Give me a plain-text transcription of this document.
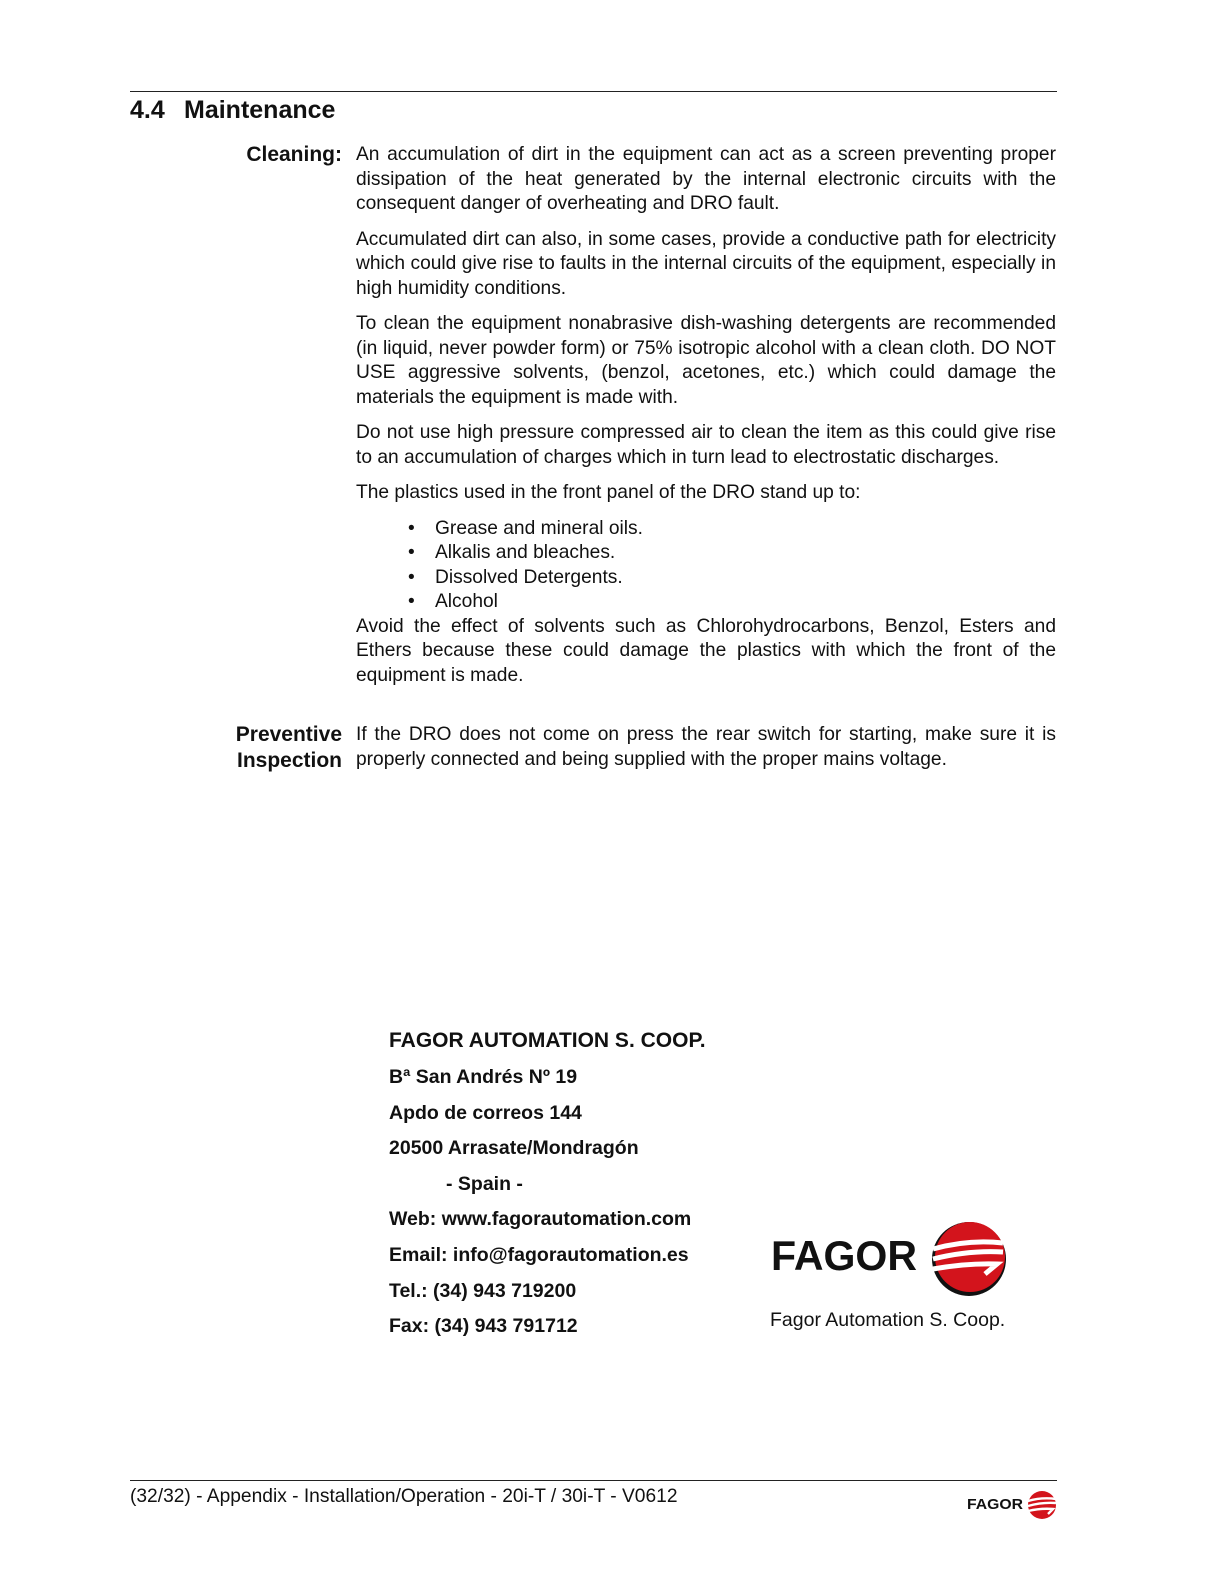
4.4 Maintenance
Cleaning: An accumulation of dirt in the equipment can act as a screen preventing proper dissipation of the heat generated by the internal electronic circuits with the consequent danger of overheating and DRO fault.

Accumulated dirt can also, in some cases, provide a conductive path for electricity which could give rise to faults in the internal circuits of the equipment, especially in high humidity conditions.

To clean the equipment nonabrasive dish-washing detergents are recommended (in liquid, never powder form) or 75% isotropic alcohol with a clean cloth. DO NOT USE aggressive solvents, (benzol, acetones, etc.) which could damage the materials the equipment is made with.

Do not use high pressure compressed air to clean the item as this could give rise to an accumulation of charges which in turn lead to electrostatic discharges.

The plastics used in the front panel of the DRO stand up to:

• Grease and mineral oils.
• Alkalis and bleaches.
• Dissolved Detergents.
• Alcohol

Avoid the effect of solvents such as Chlorohydrocarbons, Benzol, Esters and Ethers because these could damage the plastics with which the front of the equipment is made.

Preventive
Inspection

If the DRO does not come on press the rear switch for starting, make sure it is properly connected and being supplied with the proper mains voltage.

FAGOR AUTOMATION S. COOP.
Bª San Andrés Nº 19
Apdo de correos 144
20500 Arrasate/Mondragón
- Spain -
Web: www.fagorautomation.com
Email: info@fagorautomation.es
Tel.: (34) 943 719200
Fax: (34) 943 791712
FAGOR
Fagor Automation S. Coop.
(32/32) - Appendix - Installation/Operation - 20i-T / 30i-T - V0612	FAGOR
